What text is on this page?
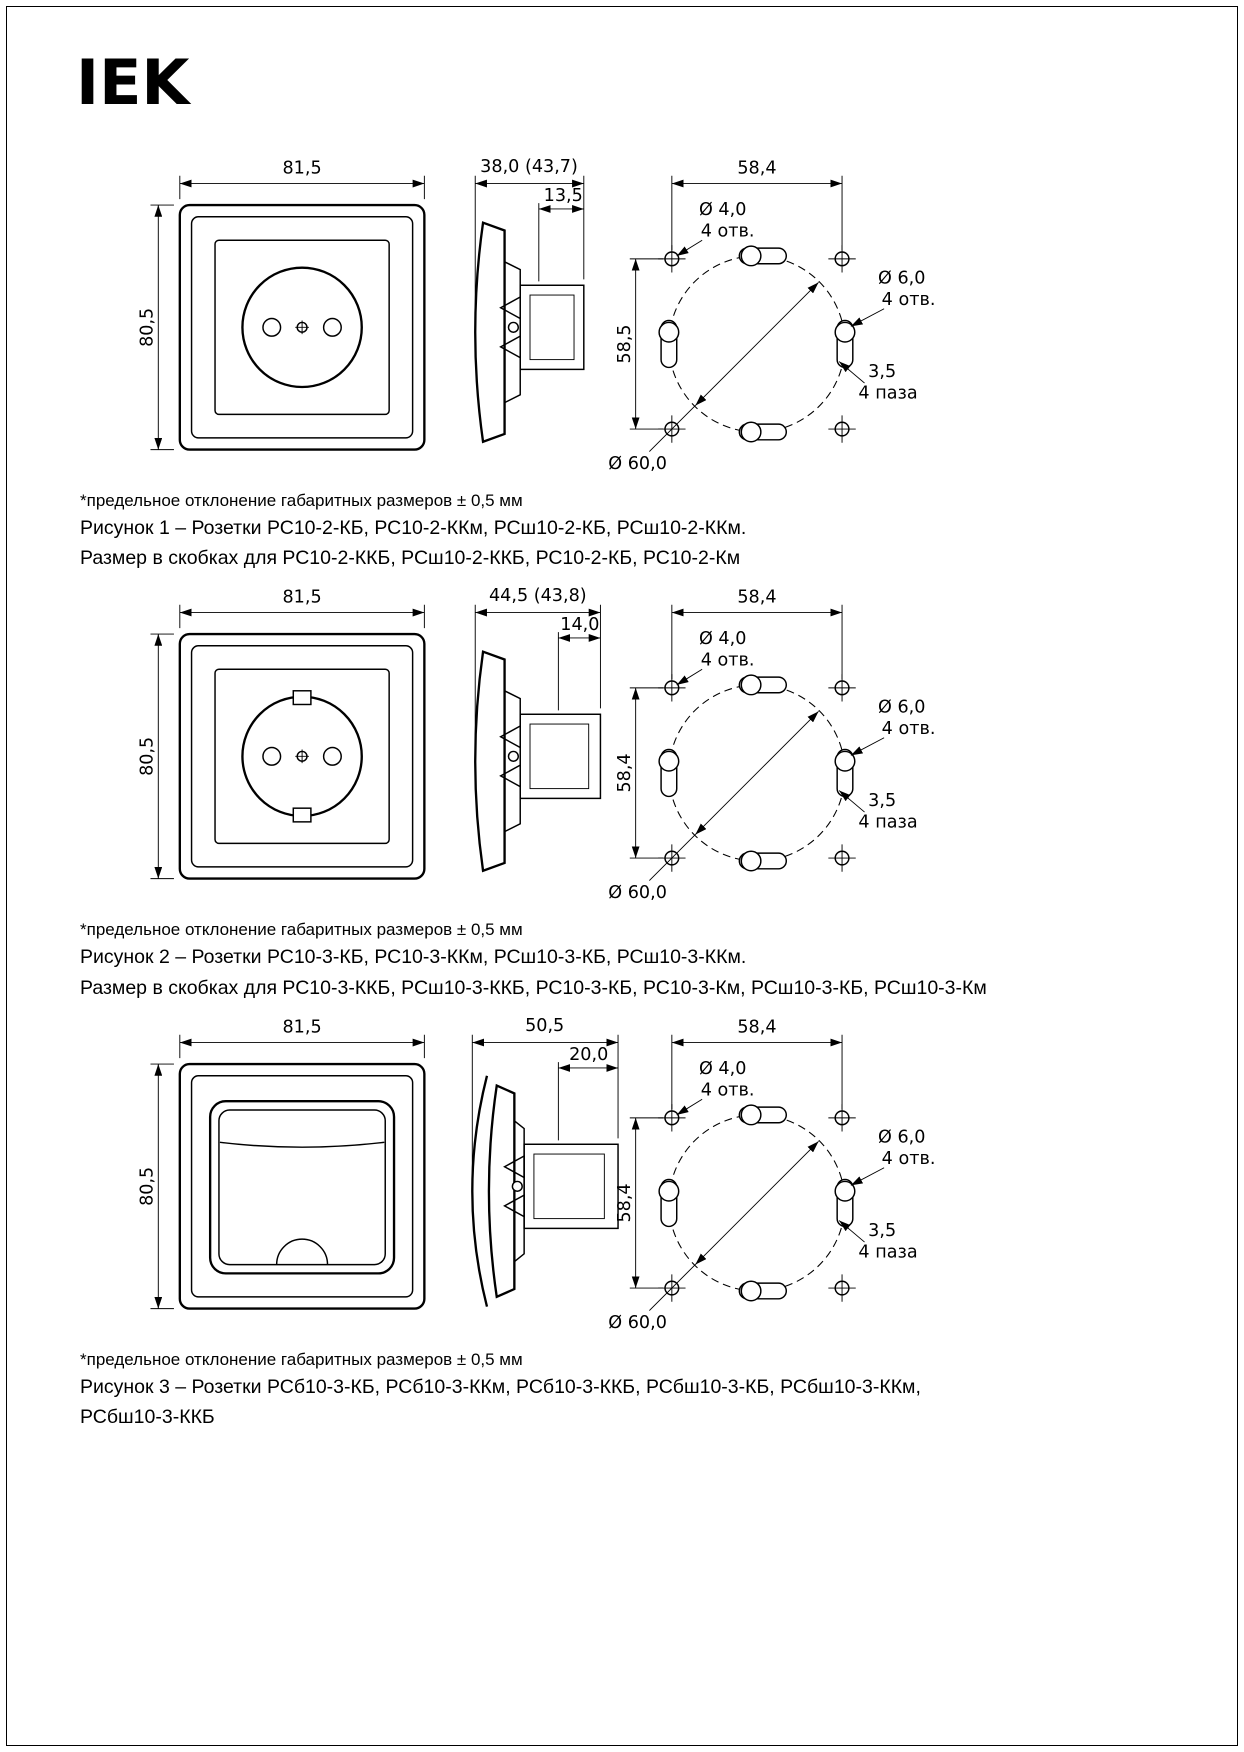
IEK
81,5
80,5
38,0 (43,7)
13,5
58,4
58,5
Ø 60,0
Ø 4,0
4 отв.
Ø 6,0
4 отв.
3,5
4 паза

*предельное отклонение габаритных размеров ± 0,5 мм

Рисунок 1 – Розетки РС10-2-КБ, РС10-2-ККм, РСш10-2-КБ, РСш10-2-ККм.
Размер в скобках для РС10-2-ККБ, РСш10-2-ККБ, РС10-2-КБ, РС10-2-Км

81,5
80,5
44,5 (43,8)
14,0
58,4
58,4
Ø 60,0
Ø 4,0
4 отв.
Ø 6,0
4 отв.
3,5
4 паза

*предельное отклонение габаритных размеров ± 0,5 мм

Рисунок 2 – Розетки РС10-3-КБ, РС10-3-ККм, РСш10-3-КБ, РСш10-3-ККм.
Размер в скобках для РС10-3-ККБ, РСш10-3-ККБ, РС10-3-КБ, РС10-3-Км, РСш10-3-КБ, РСш10-3-Км

81,5
80,5
50,5
20,0
58,4
58,4
Ø 60,0
Ø 4,0
4 отв.
Ø 6,0
4 отв.
3,5
4 паза

*предельное отклонение габаритных размеров ± 0,5 мм

Рисунок 3 – Розетки РСб10-3-КБ, РСб10-3-ККм, РСб10-3-ККБ, РСбш10-3-КБ, РСбш10-3-ККм,
РСбш10-3-ККБ
